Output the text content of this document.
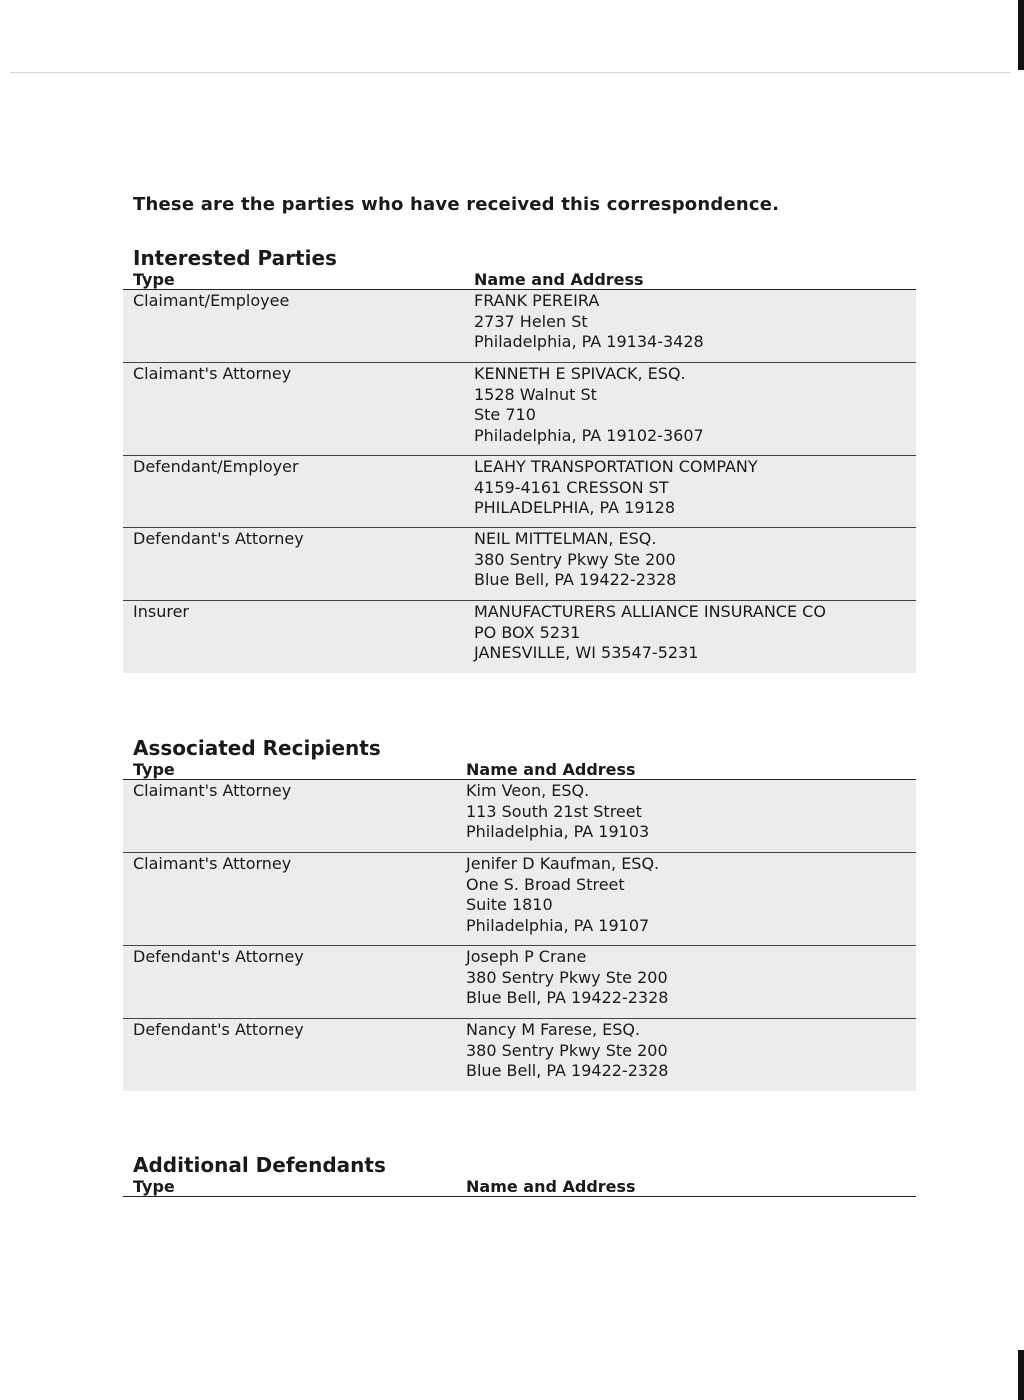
These are the parties who have received this correspondence.
Interested Parties
Type	Name and Address
Claimant/Employee	FRANK PEREIRA
2737 Helen St
Philadelphia, PA 19134-3428
Claimant's Attorney	KENNETH E SPIVACK, ESQ.
1528 Walnut St
Ste 710
Philadelphia, PA 19102-3607
Defendant/Employer	LEAHY TRANSPORTATION COMPANY
4159-4161 CRESSON ST
PHILADELPHIA, PA 19128
Defendant's Attorney	NEIL MITTELMAN, ESQ.
380 Sentry Pkwy Ste 200
Blue Bell, PA 19422-2328
Insurer	MANUFACTURERS ALLIANCE INSURANCE CO
PO BOX 5231
JANESVILLE, WI 53547-5231
Associated Recipients
Type	Name and Address
Claimant's Attorney	Kim Veon, ESQ.
113 South 21st Street
Philadelphia, PA 19103
Claimant's Attorney	Jenifer D Kaufman, ESQ.
One S. Broad Street
Suite 1810
Philadelphia, PA 19107
Defendant's Attorney	Joseph P Crane
380 Sentry Pkwy Ste 200
Blue Bell, PA 19422-2328
Defendant's Attorney	Nancy M Farese, ESQ.
380 Sentry Pkwy Ste 200
Blue Bell, PA 19422-2328
Additional Defendants
Type	Name and Address
